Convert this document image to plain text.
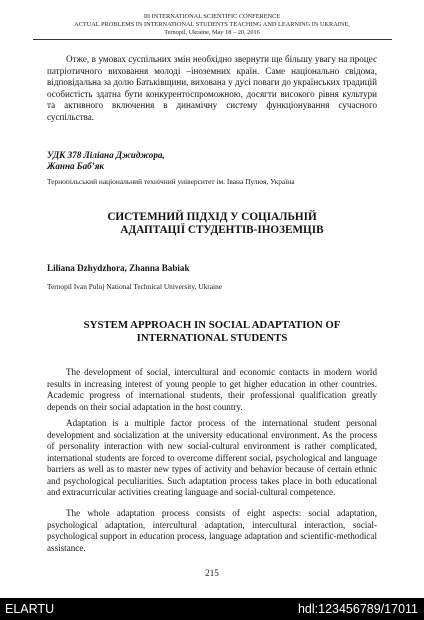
III INTERNATIONAL SCIENTIFIC CONFERENCE
ACTUAL PROBLEMS IN INTERNATIONAL STUDENTS TEACHING AND LEARNING IN UKRAINE,
Ternopil, Ukraine, May 18 – 20, 2016
Отже, в умовах суспільних змін необхідно звернути ще більшу увагу на процес патріотичного виховання молоді –іноземних країн. Саме національно свідома, відповідальна за долю Батьківщини, вихована у дусі поваги до українських традицій особистість здатна бути конкурентоспроможною, досягти високого рівня культури та активного включення в динамічну систему функціонування сучасного суспільства.
УДК 378 Ліліана Джиджора,
Жанна Баб’як
Тернопільський національний технічний університет ім. Івана Пулюя, Україна
СИСТЕМНИЙ ПІДХІД У СОЦІАЛЬНІЙ
АДАПТАЦІЇ СТУДЕНТІВ-ІНОЗЕМЦІВ
Liliana Dzhydzhora, Zhanna Babiak
Ternopil Ivan Puluj National Technical University, Ukraine
SYSTEM APPROACH IN SOCIAL ADAPTATION OF
INTERNATIONAL STUDENTS
The development of social, intercultural and economic contacts in modern world results in increasing interest of young people to get higher education in other countries. Academic progress of international students, their professional qualification greatly depends on their social adaptation in the host country.
Adaptation is a multiple factor process of the international student personal development and socialization at the university educational environment. As the process of personality interaction with new social-cultural environment is rather complicated, international students are forced to overcome different social, psychological and language barriers as well as to master new types of activity and behavior because of certain ethnic and psychological peculiarities. Such adaptation process takes place in both educational and extracurricular activities creating language and social-cultural competence.
The whole adaptation process consists of eight aspects: social adaptation, psychological adaptation, intercultural adaptation, intercultural interaction, social-psychological support in education process, language adaptation and scientific-methodical assistance.
215
ELARTU	hdl:123456789/17011
